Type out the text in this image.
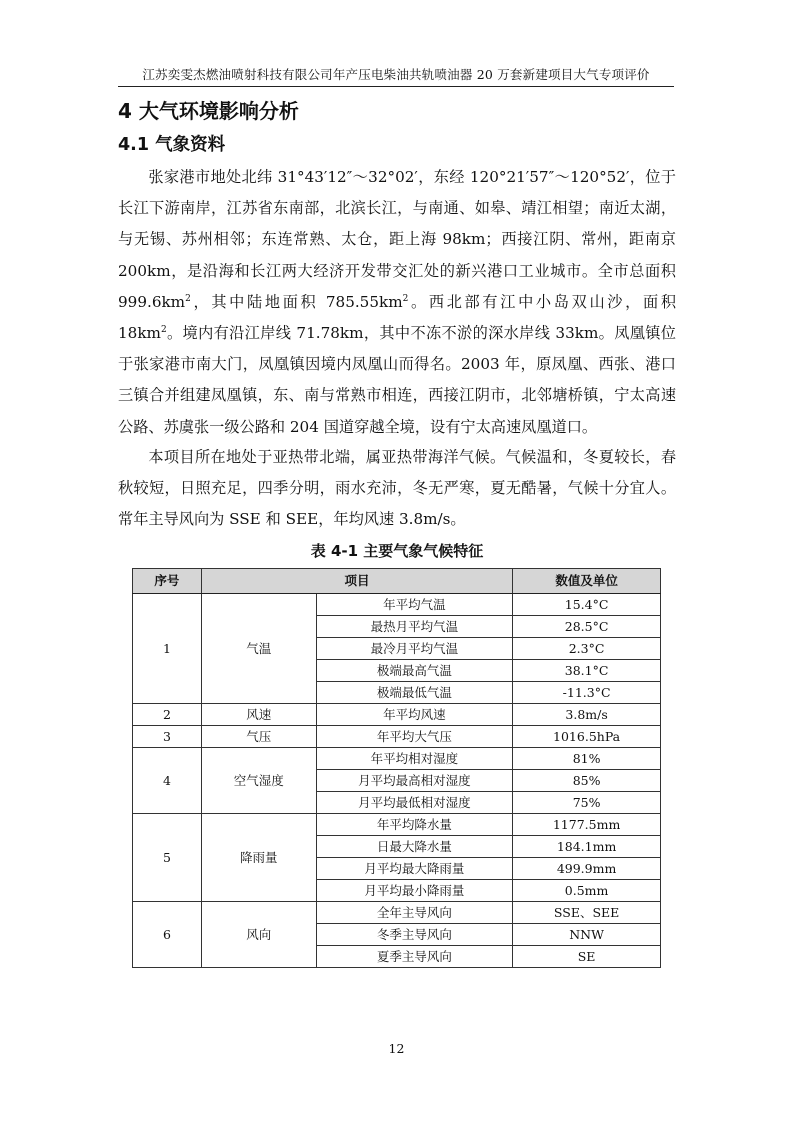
江苏奕雯杰燃油喷射科技有限公司年产压电柴油共轨喷油器 20 万套新建项目大气专项评价
4 大气环境影响分析
4.1 气象资料

张家港市地处北纬 31°43′12″～32°02′，东经 120°21′57″～120°52′，位于长江下游南岸，江苏省东南部，北滨长江，与南通、如皋、靖江相望；南近太湖，与无锡、苏州相邻；东连常熟、太仓，距上海 98km；西接江阴、常州，距南京 200km，是沿海和长江两大经济开发带交汇处的新兴港口工业城市。全市总面积 $999.6km^2$，其中陆地面积 $785.55km^2$。西北部有江中小岛双山沙，面积 $18km^2$。境内有沿江岸线 71.78km，其中不冻不淤的深水岸线 33km。凤凰镇位于张家港市南大门，凤凰镇因境内凤凰山而得名。2003 年，原凤凰、西张、港口三镇合并组建凤凰镇，东、南与常熟市相连，西接江阴市，北邻塘桥镇，宁太高速公路、苏虞张一级公路和 204 国道穿越全境，设有宁太高速凤凰道口。

本项目所在地处于亚热带北端，属亚热带海洋气候。气候温和，冬夏较长，春秋较短，日照充足，四季分明，雨水充沛，冬无严寒，夏无酷暑，气候十分宜人。常年主导风向为 SSE 和 SEE，年均风速 3.8m/s。

表 4-1 主要气象气候特征
序号	项目		数值及单位
1	气温	年平均气温	15.4°C
		最热月平均气温	28.5°C
		最冷月平均气温	2.3°C
		极端最高气温	38.1°C
		极端最低气温	-11.3°C
2	风速	年平均风速	3.8m/s
3	气压	年平均大气压	1016.5hPa
4	空气湿度	年平均相对湿度	81%
		月平均最高相对湿度	85%
		月平均最低相对湿度	75%
5	降雨量	年平均降水量	1177.5mm
		日最大降水量	184.1mm
		月平均最大降雨量	499.9mm
		月平均最小降雨量	0.5mm
6	风向	全年主导风向	SSE、SEE
		冬季主导风向	NNW
		夏季主导风向	SE
12
